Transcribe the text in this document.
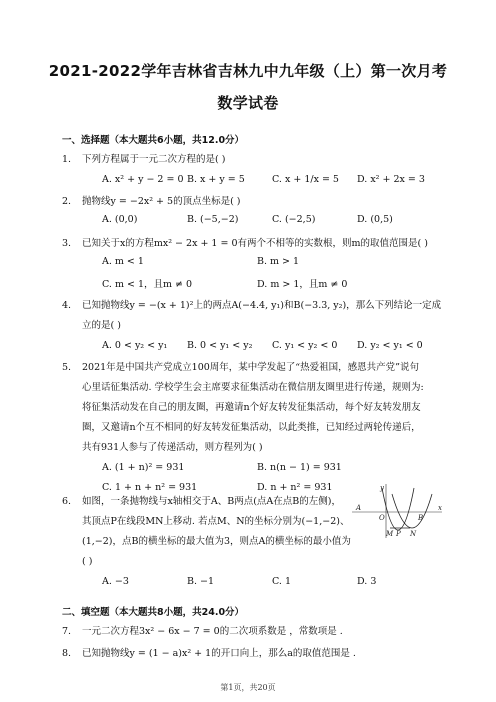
2021-2022学年吉林省吉林九中九年级（上）第一次月考
数学试卷
一、选择题（本大题共6小题，共12.0分）
1.	下列方程属于一元二次方程的是( )
A. x² + y − 2 = 0 B. x + y = 5	C. x + 1/x = 5 D. x² + 2x = 3
2.	抛物线y = −2x² + 5的顶点坐标是( )
A. (0,0)	B. (−5,−2)	C. (−2,5)	D. (0,5)
3.	已知关于x的方程mx² − 2x + 1 = 0有两个不相等的实数根，则m的取值范围是( )
A. m < 1	B. m > 1
C. m < 1，且m ≠ 0	D. m > 1，且m ≠ 0
4.	已知抛物线y = −(x + 1)²上的两点A(−4.4, y₁)和B(−3.3, y₂)，那么下列结论一定成
立的是( )
A. 0 < y₂ < y₁ B. 0 < y₁ < y₂ C. y₁ < y₂ < 0 D. y₂ < y₁ < 0
5.	2021年是中国共产党成立100周年，某中学发起了“热爱祖国，感恩共产党”说句
心里话征集活动. 学校学生会主席要求征集活动在微信朋友圈里进行传递，规则为:
将征集活动发在自己的朋友圈，再邀请n个好友转发征集活动，每个好友转发朋友
圈，又邀请n个互不相同的好友转发征集活动，以此类推，已知经过两轮传递后，
共有931人参与了传递活动，则方程列为( )
A. (1 + n)² = 931	B. n(n − 1) = 931
C. 1 + n + n² = 931	D. n + n² = 931
6.	如图，一条抛物线与x轴相交于A、B两点(点A在点B的左侧)，
其顶点P在线段MN上移动. 若点M、N的坐标分别为(−1,−2)、
(1,−2)，点B的横坐标的最大值为3，则点A的横坐标的最小值为
( )
A. −3	B. −1	C. 1	D. 3
y
O
A
B
x
M P N
二、填空题（本大题共8小题，共24.0分）
7.	一元二次方程3x² − 6x − 7 = 0的二次项系数是 ，常数项是 .
8.	已知抛物线y = (1 − a)x² + 1的开口向上，那么a的取值范围是 .
第1页，共20页
